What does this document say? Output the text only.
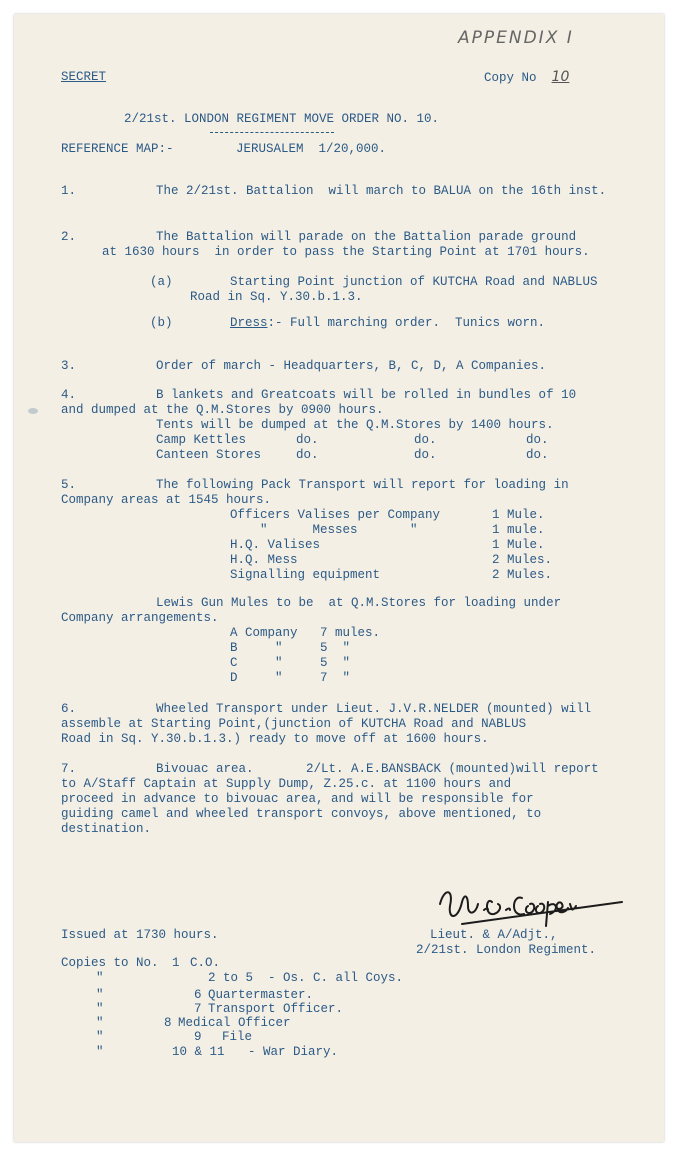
APPENDIX I
SECRET	Copy No 10
2/21st. LONDON REGIMENT MOVE ORDER NO. 10.
REFERENCE MAP:-	JERUSALEM  1/20,000.
1.	The 2/21st. Battalion  will march to BALUA on the 16th inst.
2.	The Battalion will parade on the Battalion parade ground
at 1630 hours  in order to pass the Starting Point at 1701 hours.
(a)	Starting Point junction of KUTCHA Road and NABLUS
Road in Sq. Y.30.b.1.3.
(b)	Dress:- Full marching order.  Tunics worn.
3.	Order of march - Headquarters, B, C, D, A Companies.
4.	B lankets and Greatcoats will be rolled in bundles of 10
and dumped at the Q.M.Stores by 0900 hours.
Tents will be dumped at the Q.M.Stores by 1400 hours.
Camp Kettles	do.	do.	do.
Canteen Stores	do.	do.	do.
5.	The following Pack Transport will report for loading in
Company areas at 1545 hours.
Officers Valises per Company	1 Mule.
"      Messes       "	1 mule.
H.Q. Valises	1 Mule.
H.Q. Mess	2 Mules.
Signalling equipment	2 Mules.
Lewis Gun Mules to be  at Q.M.Stores for loading under
Company arrangements.
A Company 7 mules.
B     "	5  "
C     "	5  "
D     "	7  "
6.	Wheeled Transport under Lieut. J.V.R.NELDER (mounted) will
assemble at Starting Point,(junction of KUTCHA Road and NABLUS
Road in Sq. Y.30.b.1.3.) ready to move off at 1600 hours.
7.	Bivouac area.       2/Lt. A.E.BANSBACK (mounted)will report
to A/Staff Captain at Supply Dump, Z.25.c. at 1100 hours and
proceed in advance to bivouac area, and will be responsible for
guiding camel and wheeled transport convoys, above mentioned, to
destination.
Lieut. & A/Adjt.,
2/21st. London Regiment.
Issued at 1730 hours.
Copies to No. 1 C.O.
"	2 to 5 - Os. C. all Coys.
"	6 Quartermaster.
"	7 Transport Officer.
"	8 Medical Officer
"	9 File
"	10 & 11 - War Diary.
